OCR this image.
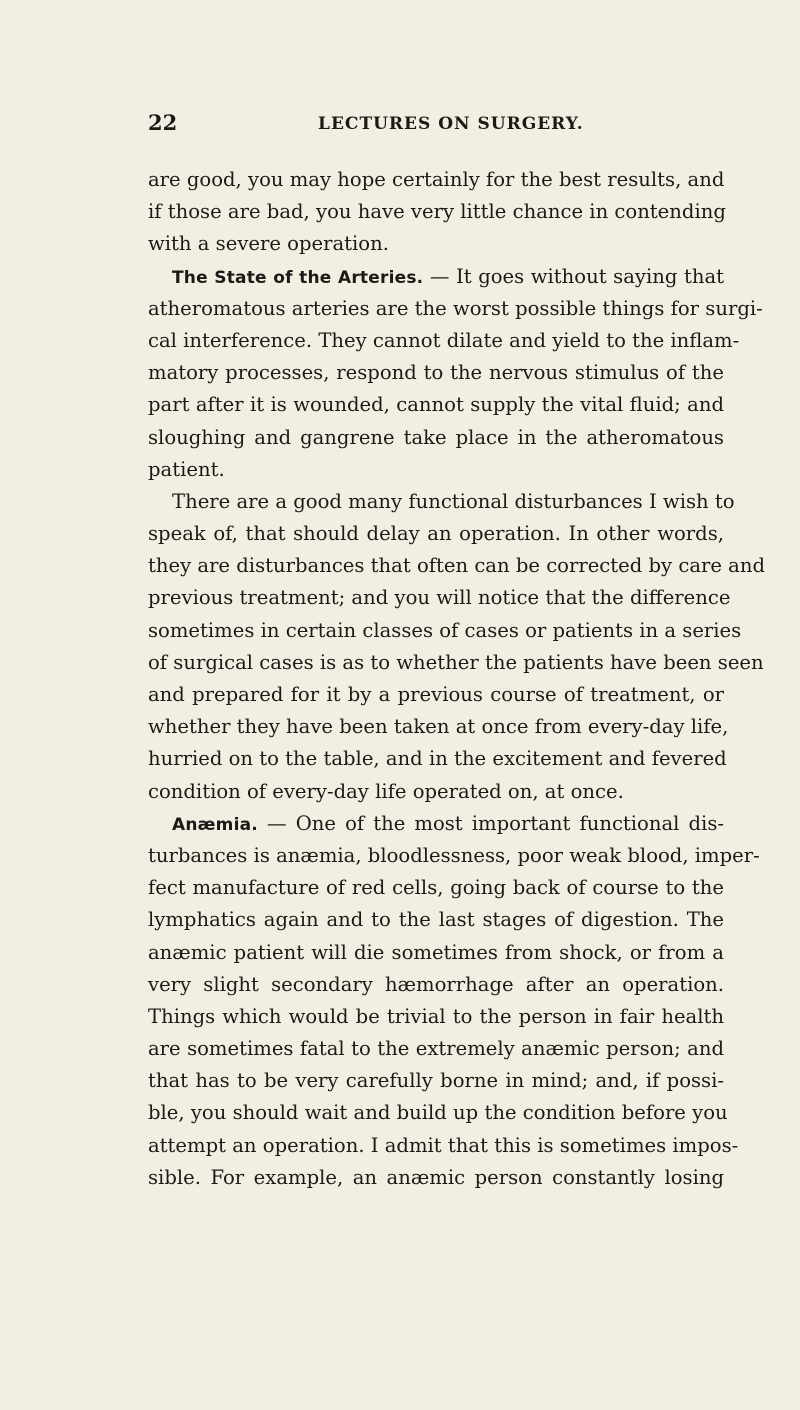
22	LECTURES ON SURGERY.
are good, you may hope certainly for the best results, and
if those are bad, you have very little chance in contending
with a severe operation.
The State of the Arteries. — It goes without saying that
atheromatous arteries are the worst possible things for surgi-
cal interference. They cannot dilate and yield to the inflam-
matory processes, respond to the nervous stimulus of the
part after it is wounded, cannot supply the vital fluid; and
sloughing and gangrene take place in the atheromatous
patient.
There are a good many functional disturbances I wish to
speak of, that should delay an operation. In other words,
they are disturbances that often can be corrected by care and
previous treatment; and you will notice that the difference
sometimes in certain classes of cases or patients in a series
of surgical cases is as to whether the patients have been seen
and prepared for it by a previous course of treatment, or
whether they have been taken at once from every-day life,
hurried on to the table, and in the excitement and fevered
condition of every-day life operated on, at once.
Anæmia. — One of the most important functional dis-
turbances is anæmia, bloodlessness, poor weak blood, imper-
fect manufacture of red cells, going back of course to the
lymphatics again and to the last stages of digestion. The
anæmic patient will die sometimes from shock, or from a
very slight secondary hæmorrhage after an operation.
Things which would be trivial to the person in fair health
are sometimes fatal to the extremely anæmic person; and
that has to be very carefully borne in mind; and, if possi-
ble, you should wait and build up the condition before you
attempt an operation. I admit that this is sometimes impos-
sible. For example, an anæmic person constantly losing
